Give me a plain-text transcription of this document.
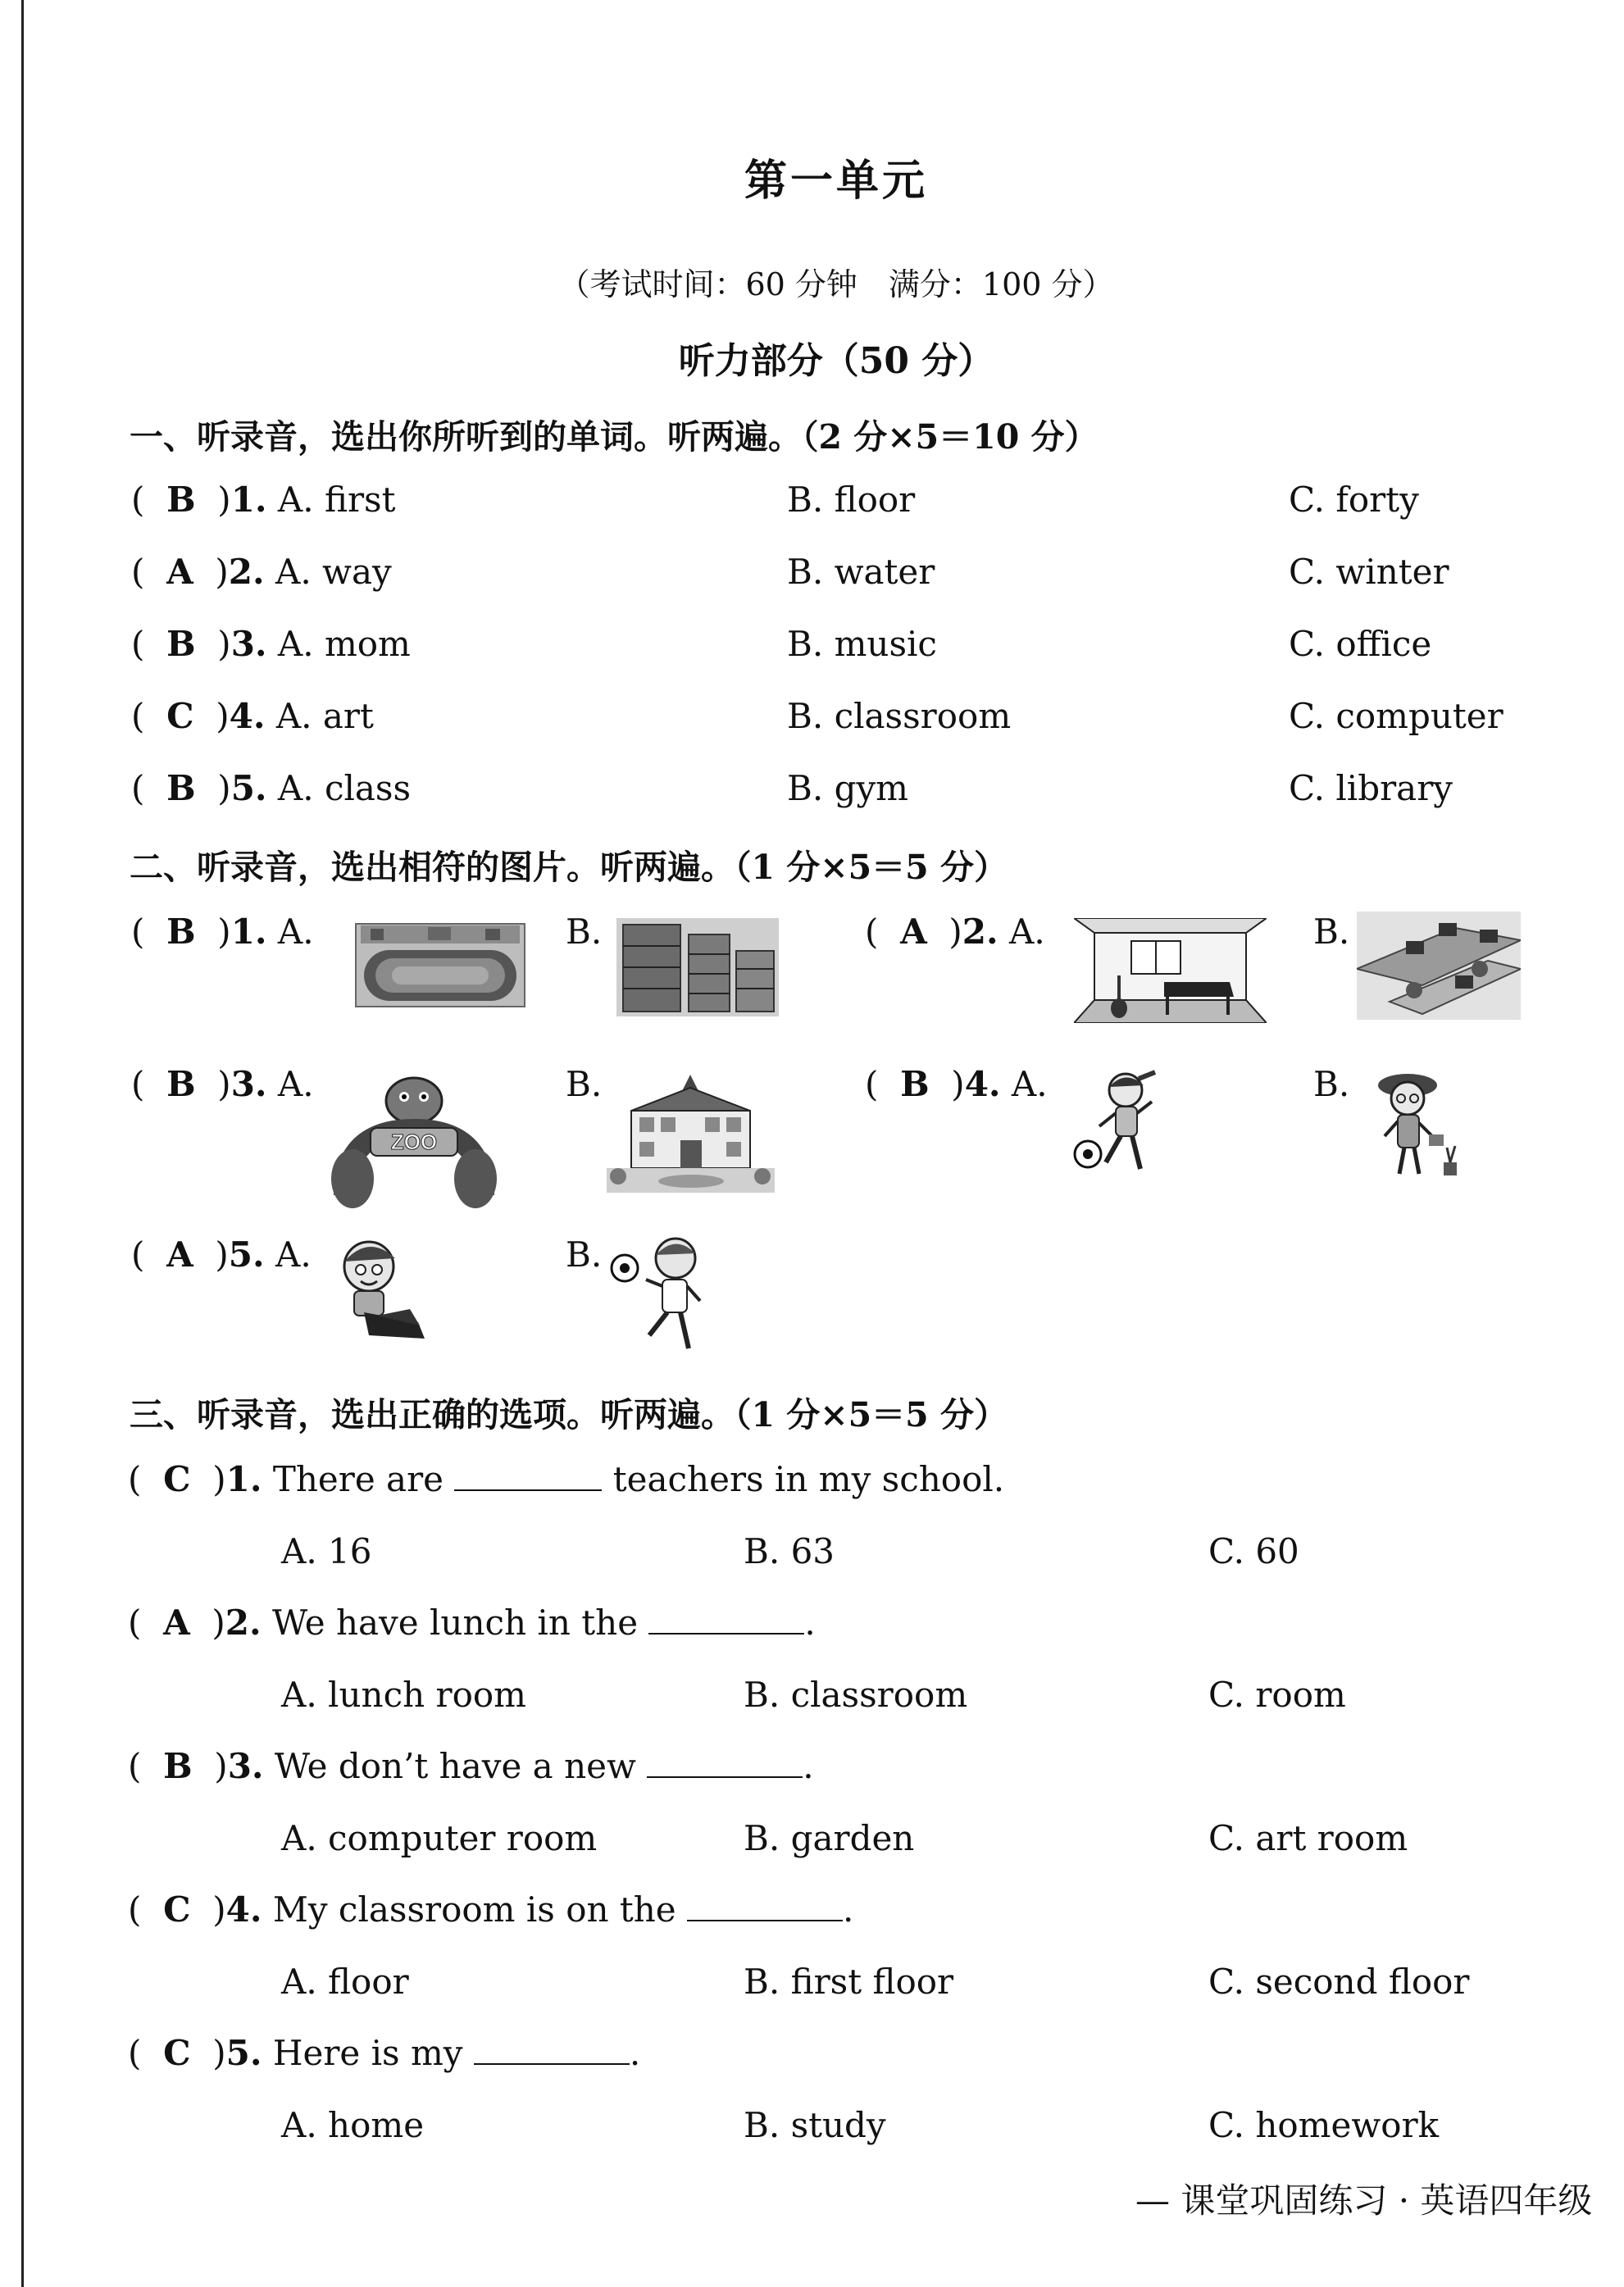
第一单元
（考试时间：60 分钟　满分：100 分）
听力部分（50 分）
一、听录音，选出你所听到的单词。听两遍。（2 分×5＝10 分）
(  B  )1. A. first	B. floor	C. forty
(  A  )2. A. way	B. water	C. winter
(  B  )3. A. mom	B. music	C. office
(  C  )4. A. art	B. classroom	C. computer
(  B  )5. A. class	B. gym	C. library
二、听录音，选出相符的图片。听两遍。（1 分×5＝5 分）
(  B  )1. A.	B.	(  A  )2. A.	B.
(  B  )3. A.
ZOO
B.	(  B  )4. A.	B.
(  A  )5. A.	B.
三、听录音，选出正确的选项。听两遍。（1 分×5＝5 分）
(  C  )1. There are	teachers in my school.
A. 16	B. 63	C. 60
(  A  )2. We have lunch in the	.
A. lunch room	B. classroom	C. room
(  B  )3. We don’t have a new	.
A. computer room	B. garden	C. art room
(  C  )4. My classroom is on the	.
A. floor	B. first floor	C. second floor
(  C  )5. Here is my	.
A. home	B. study	C. homework
— 课堂巩固练习 · 英语四年级
